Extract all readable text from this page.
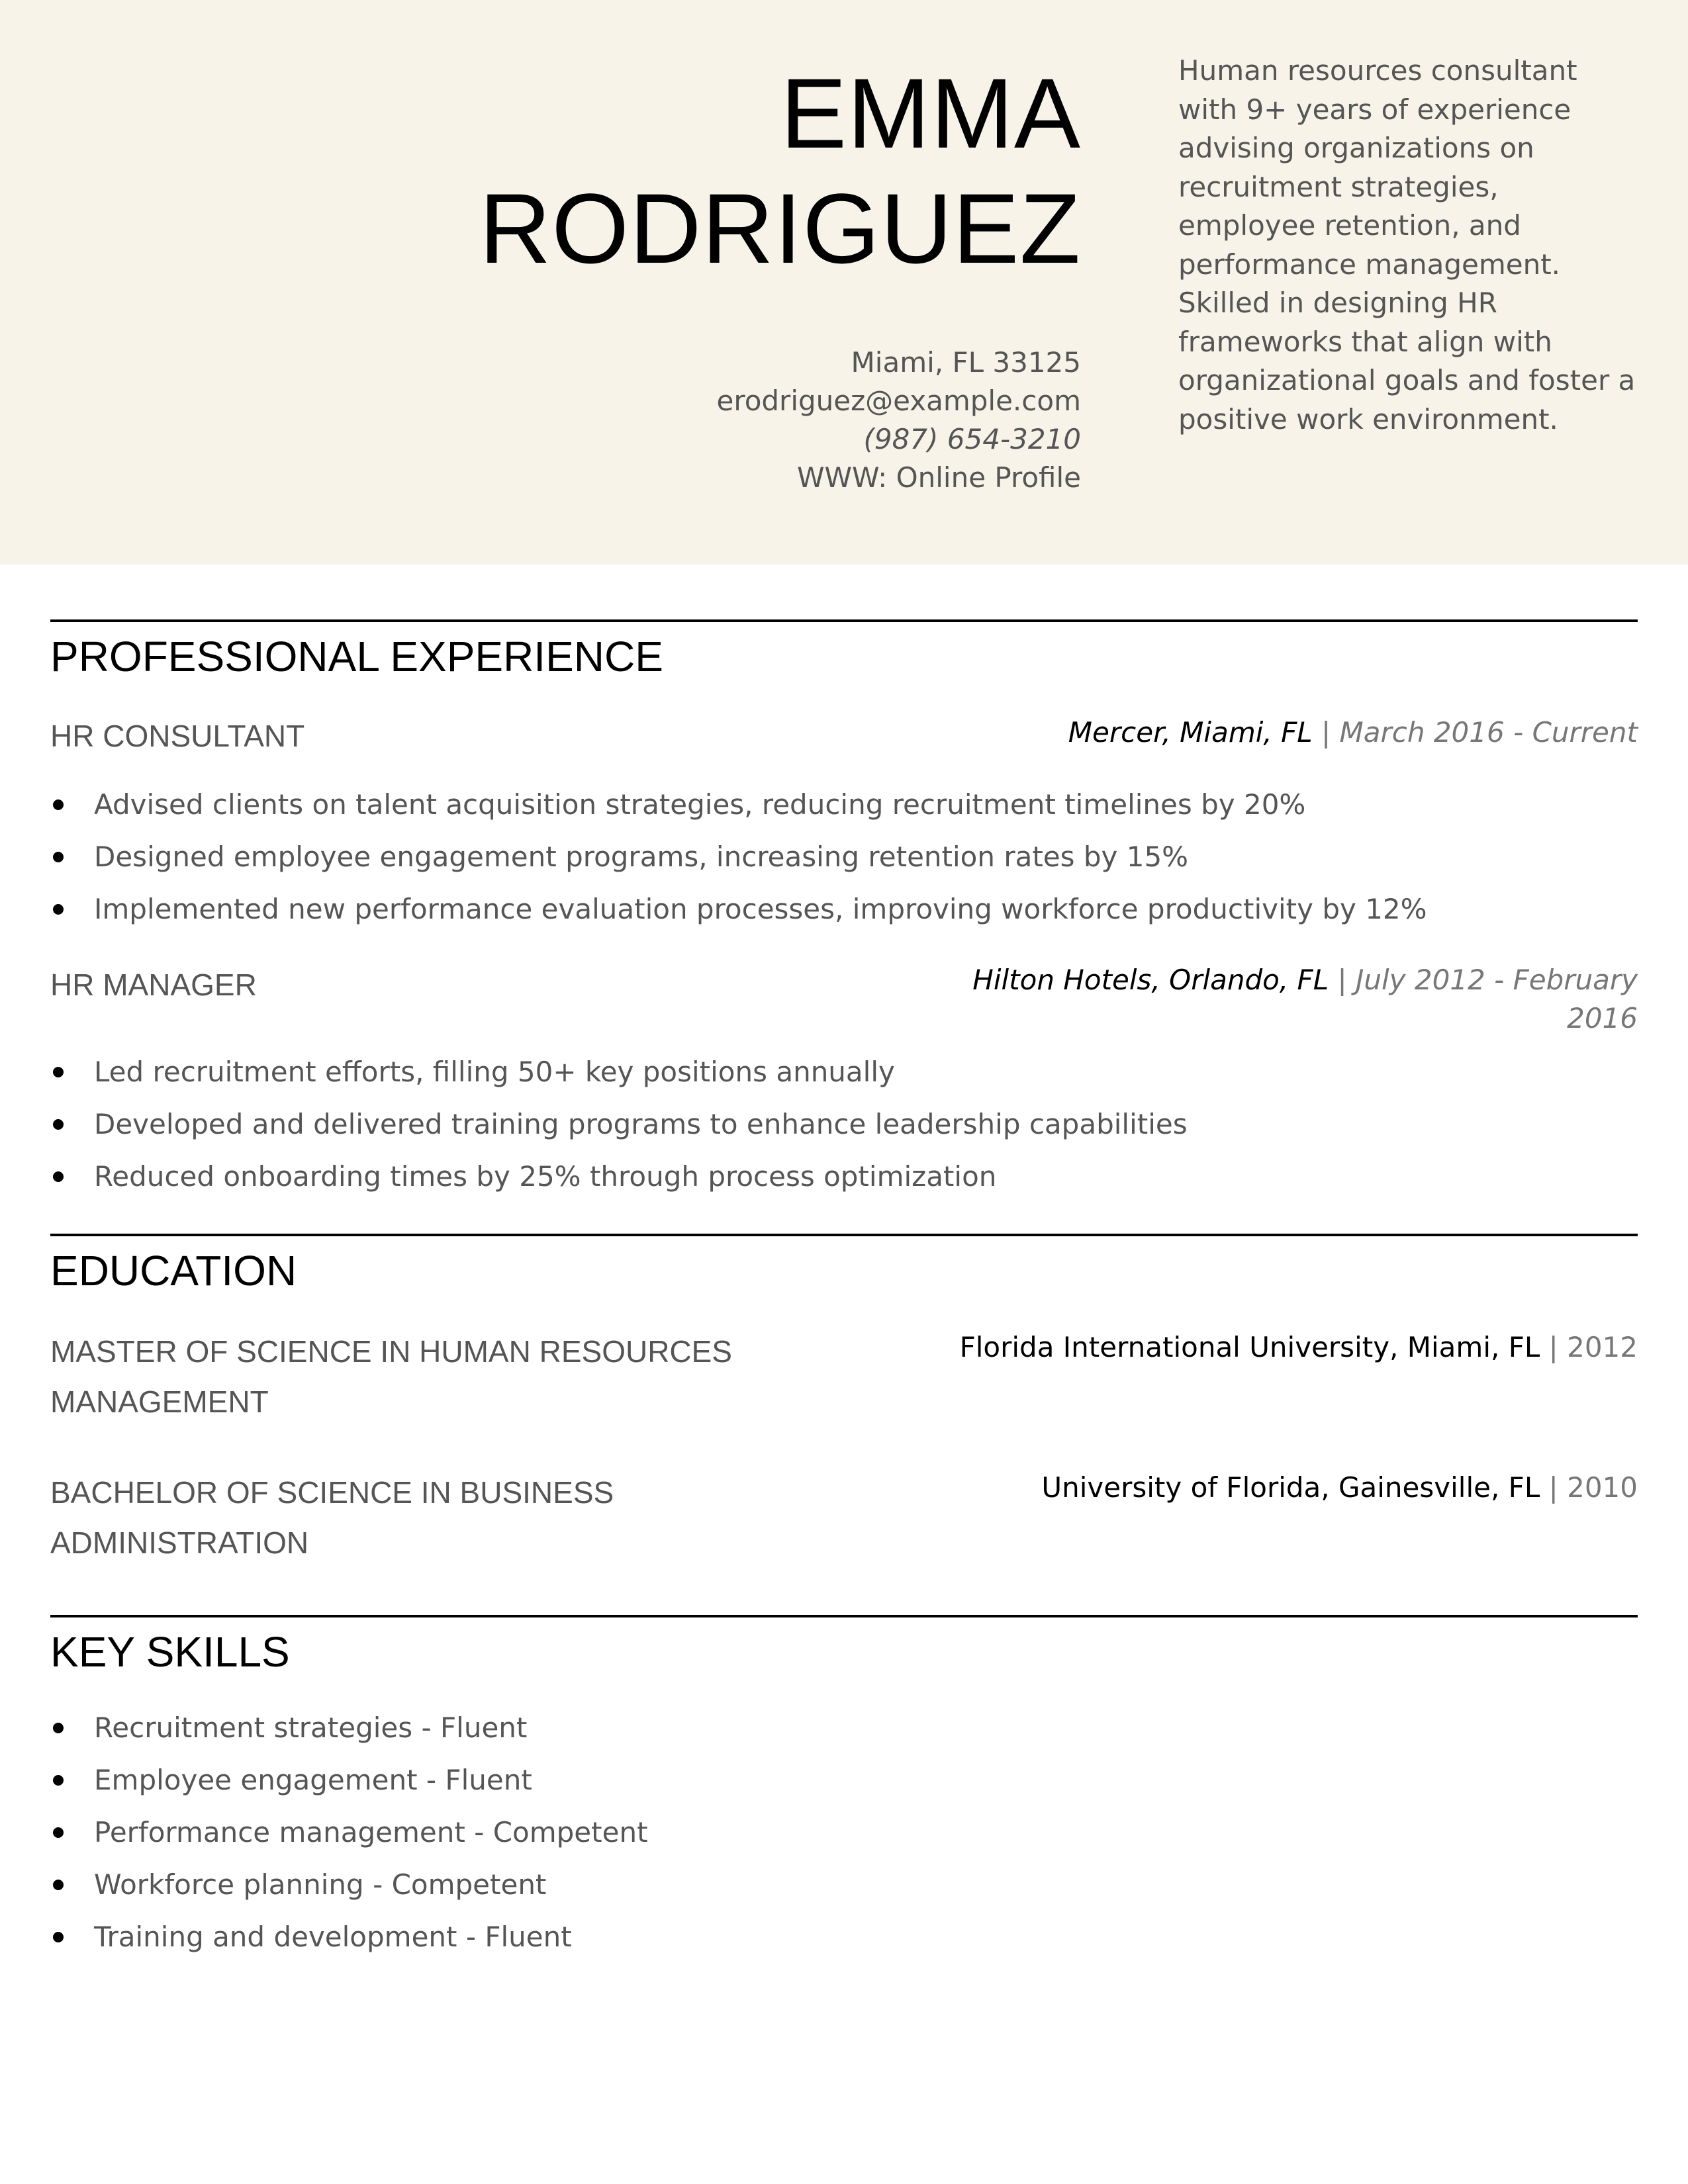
EMMA
RODRIGUEZ
Miami, FL 33125
erodriguez@example.com
(987) 654-3210
WWW: Online Profile
Human resources consultant with 9+ years of experience advising organizations on recruitment strategies, employee retention, and performance management. Skilled in designing HR frameworks that align with organizational goals and foster a positive work environment.
PROFESSIONAL EXPERIENCE
HR CONSULTANT	Mercer, Miami, FL | March 2016 - Current
Advised clients on talent acquisition strategies, reducing recruitment timelines by 20%
Designed employee engagement programs, increasing retention rates by 15%
Implemented new performance evaluation processes, improving workforce productivity by 12%
HR MANAGER	Hilton Hotels, Orlando, FL | July 2012 - February
2016
Led recruitment efforts, filling 50+ key positions annually
Developed and delivered training programs to enhance leadership capabilities
Reduced onboarding times by 25% through process optimization
EDUCATION
MASTER OF SCIENCE IN HUMAN RESOURCES MANAGEMENT
Florida International University, Miami, FL | 2012
BACHELOR OF SCIENCE IN BUSINESS ADMINISTRATION
University of Florida, Gainesville, FL | 2010
KEY SKILLS
Recruitment strategies - Fluent
Employee engagement - Fluent
Performance management - Competent
Workforce planning - Competent
Training and development - Fluent
